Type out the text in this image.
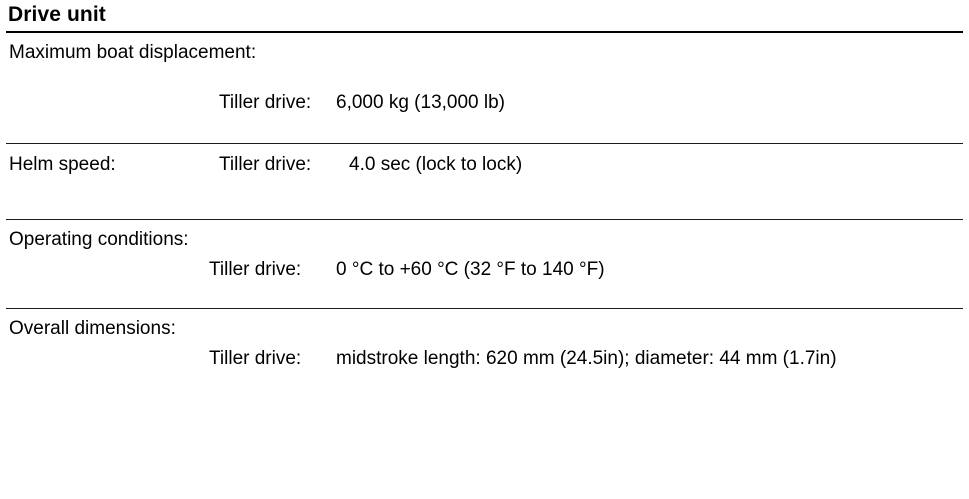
Drive unit
Maximum boat displacement:
Tiller drive:	6,000 kg (13,000 lb)
Helm speed:	Tiller drive:	4.0 sec (lock to lock)
Operating conditions:
Tiller drive:	0 °C to +60 °C (32 °F to 140 °F)
Overall dimensions:
Tiller drive:	midstroke length: 620 mm (24.5in); diameter: 44 mm (1.7in)
